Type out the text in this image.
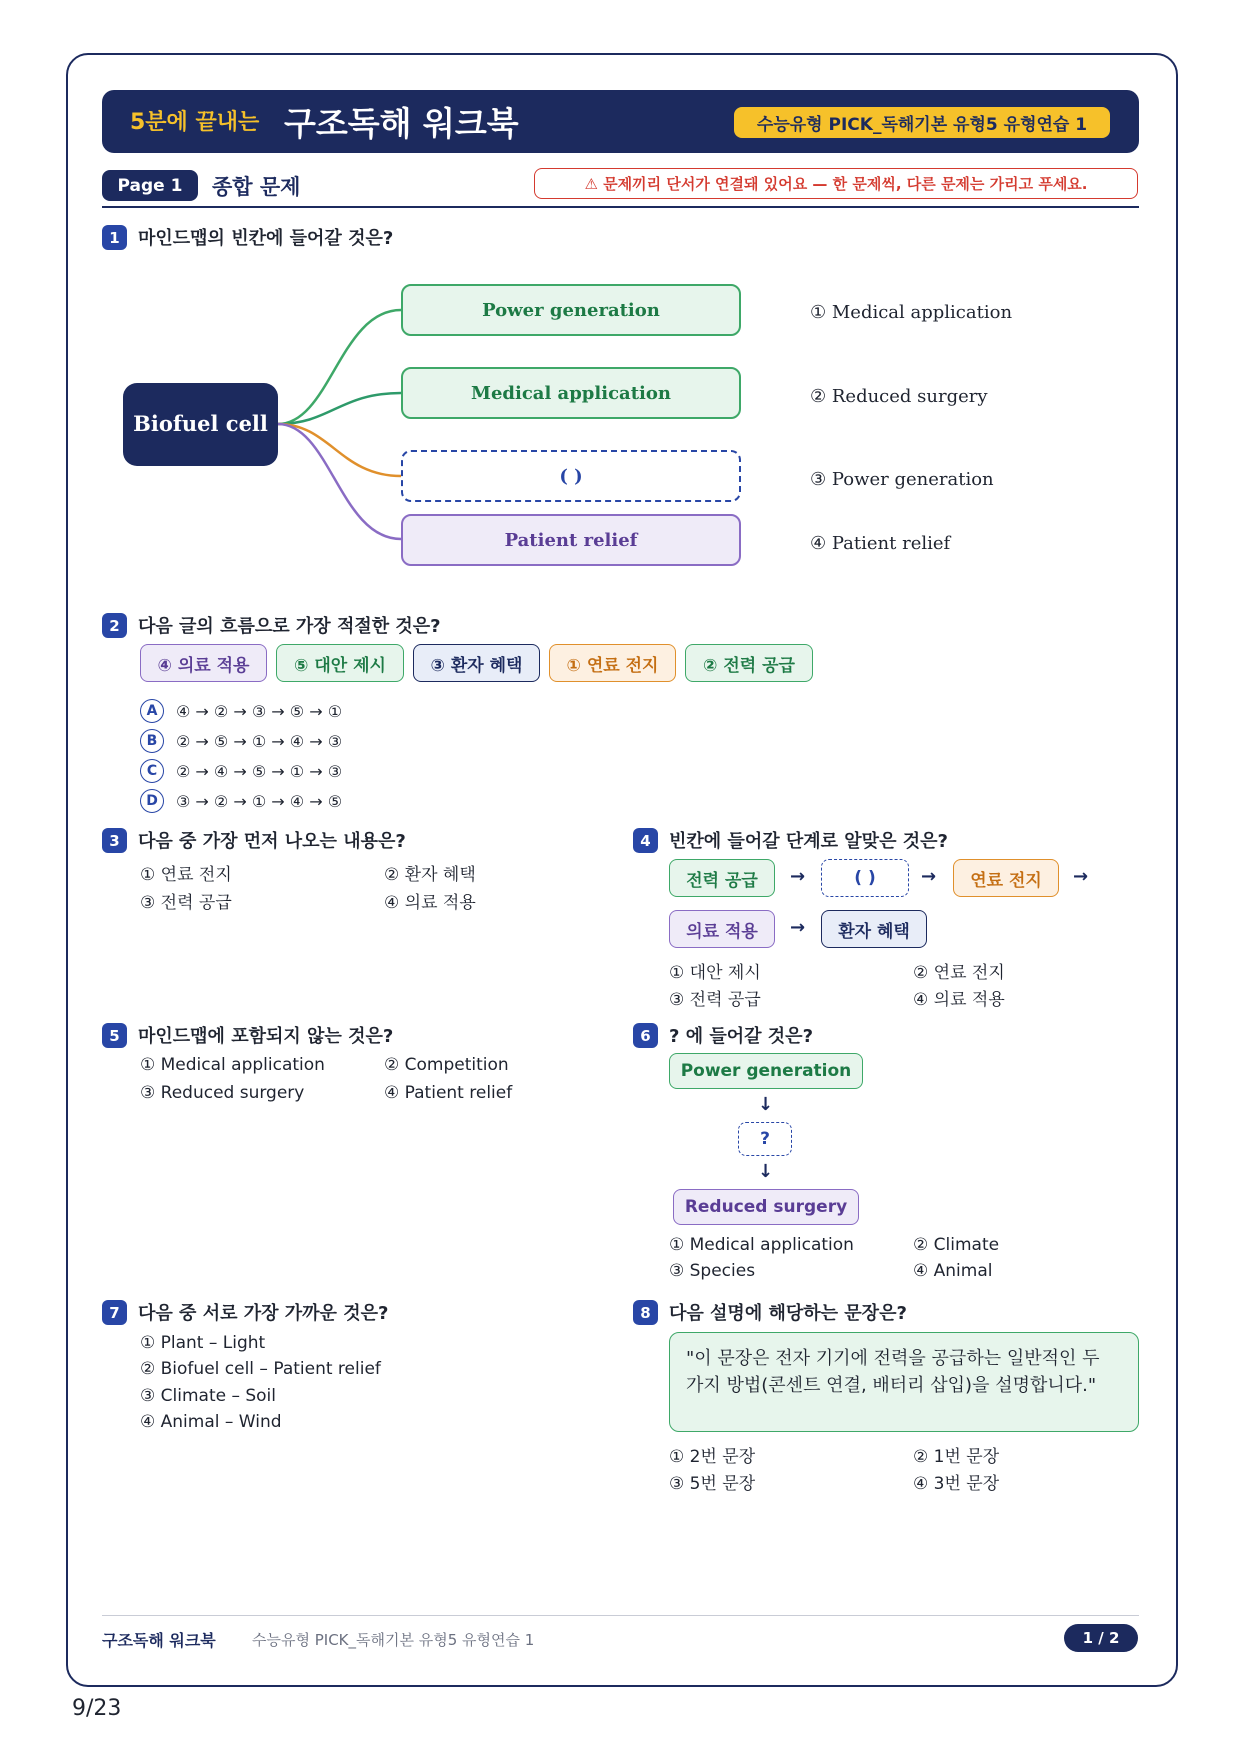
5분에 끝내는 구조독해 워크북	수능유형 PICK_독해기본 유형5 유형연습 1
Page 1	종합 문제	⚠ 문제끼리 단서가 연결돼 있어요 — 한 문제씩, 다른 문제는 가리고 푸세요.
1	마인드맵의 빈칸에 들어갈 것은?
Biofuel cell
Power generation
Medical application
( )
Patient relief
① Medical application
② Reduced surgery
③ Power generation
④ Patient relief
2	다음 글의 흐름으로 가장 적절한 것은?
④ 의료 적용	⑤ 대안 제시	③ 환자 혜택	① 연료 전지	② 전력 공급
A	④ → ② → ③ → ⑤ → ①
B	② → ⑤ → ① → ④ → ③
C	② → ④ → ⑤ → ① → ③
D	③ → ② → ① → ④ → ⑤
3	다음 중 가장 먼저 나오는 내용은?
① 연료 전지	② 환자 혜택
③ 전력 공급	④ 의료 적용
4	빈칸에 들어갈 단계로 알맞은 것은?
전력 공급	→	( )	→	연료 전지	→
의료 적용	→	환자 혜택
① 대안 제시	② 연료 전지
③ 전력 공급	④ 의료 적용
5	마인드맵에 포함되지 않는 것은?
① Medical application	② Competition
③ Reduced surgery	④ Patient relief
6	? 에 들어갈 것은?
Power generation
↓
?
↓
Reduced surgery
① Medical application	② Climate
③ Species	④ Animal
7	다음 중 서로 가장 가까운 것은?
① Plant – Light
② Biofuel cell – Patient relief
③ Climate – Soil
④ Animal – Wind
8	다음 설명에 해당하는 문장은?
"이 문장은 전자 기기에 전력을 공급하는 일반적인 두 가지 방법(콘센트 연결, 배터리 삽입)을 설명합니다."
① 2번 문장	② 1번 문장
③ 5번 문장	④ 3번 문장
구조독해 워크북 수능유형 PICK_독해기본 유형5 유형연습 1	1 / 2
9/23
